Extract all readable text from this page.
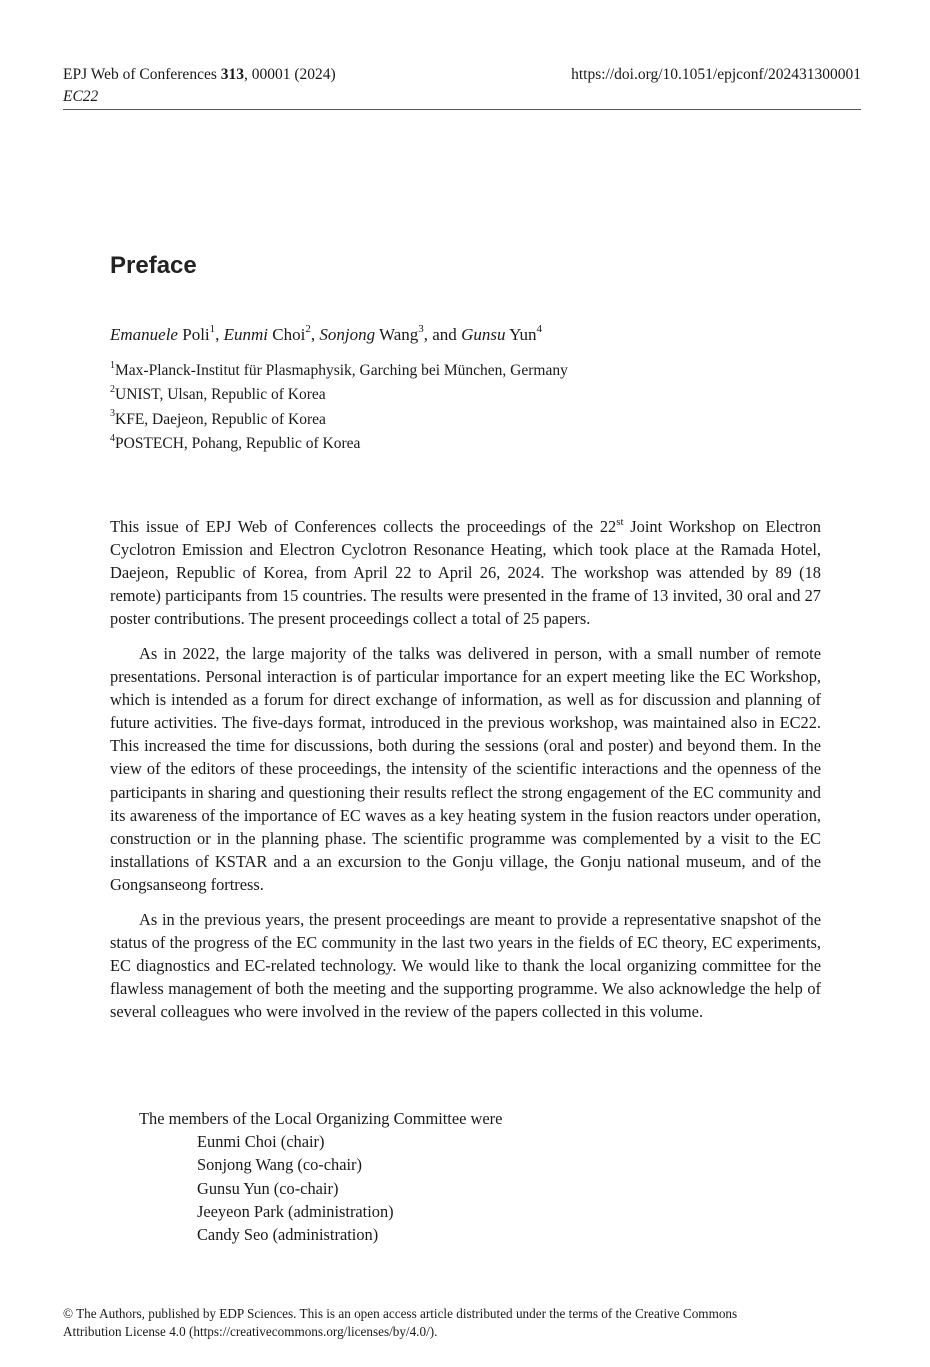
EPJ Web of Conferences 313, 00001 (2024)	https://doi.org/10.1051/epjconf/202431300001
EC22
Preface
Emanuele Poli$^1$, Eunmi Choi$^2$, Sonjong Wang$^3$, and Gunsu Yun$^4$
$^1$Max-Planck-Institut für Plasmaphysik, Garching bei München, Germany
$^2$UNIST, Ulsan, Republic of Korea
$^3$KFE, Daejeon, Republic of Korea
$^4$POSTECH, Pohang, Republic of Korea

This issue of EPJ Web of Conferences collects the proceedings of the 22st Joint Workshop on Electron Cyclotron Emission and Electron Cyclotron Resonance Heating, which took place at the Ramada Hotel, Daejeon, Republic of Korea, from April 22 to April 26, 2024. The workshop was attended by 89 (18 remote) participants from 15 countries. The results were presented in the frame of 13 invited, 30 oral and 27 poster contributions. The present proceedings collect a total of 25 papers.

As in 2022, the large majority of the talks was delivered in person, with a small number of remote presentations. Personal interaction is of particular importance for an expert meeting like the EC Workshop, which is intended as a forum for direct exchange of information, as well as for discussion and planning of future activities. The five-days format, introduced in the previous workshop, was maintained also in EC22. This increased the time for discussions, both during the sessions (oral and poster) and beyond them. In the view of the editors of these proceedings, the intensity of the scientific interactions and the openness of the participants in sharing and questioning their results reflect the strong engagement of the EC community and its awareness of the importance of EC waves as a key heating system in the fusion reactors under operation, construction or in the planning phase. The scientific programme was complemented by a visit to the EC installations of KSTAR and a an excursion to the Gonju village, the Gonju national museum, and of the Gongsanseong fortress.

As in the previous years, the present proceedings are meant to provide a representative snapshot of the status of the progress of the EC community in the last two years in the fields of EC theory, EC experiments, EC diagnostics and EC-related technology. We would like to thank the local organizing committee for the flawless management of both the meeting and the supporting programme. We also acknowledge the help of several colleagues who were involved in the review of the papers collected in this volume.

The members of the Local Organizing Committee were
Eunmi Choi (chair)
Sonjong Wang (co-chair)
Gunsu Yun (co-chair)
Jeeyeon Park (administration)
Candy Seo (administration)
© The Authors, published by EDP Sciences. This is an open access article distributed under the terms of the Creative Commons
Attribution License 4.0 (https://creativecommons.org/licenses/by/4.0/).
